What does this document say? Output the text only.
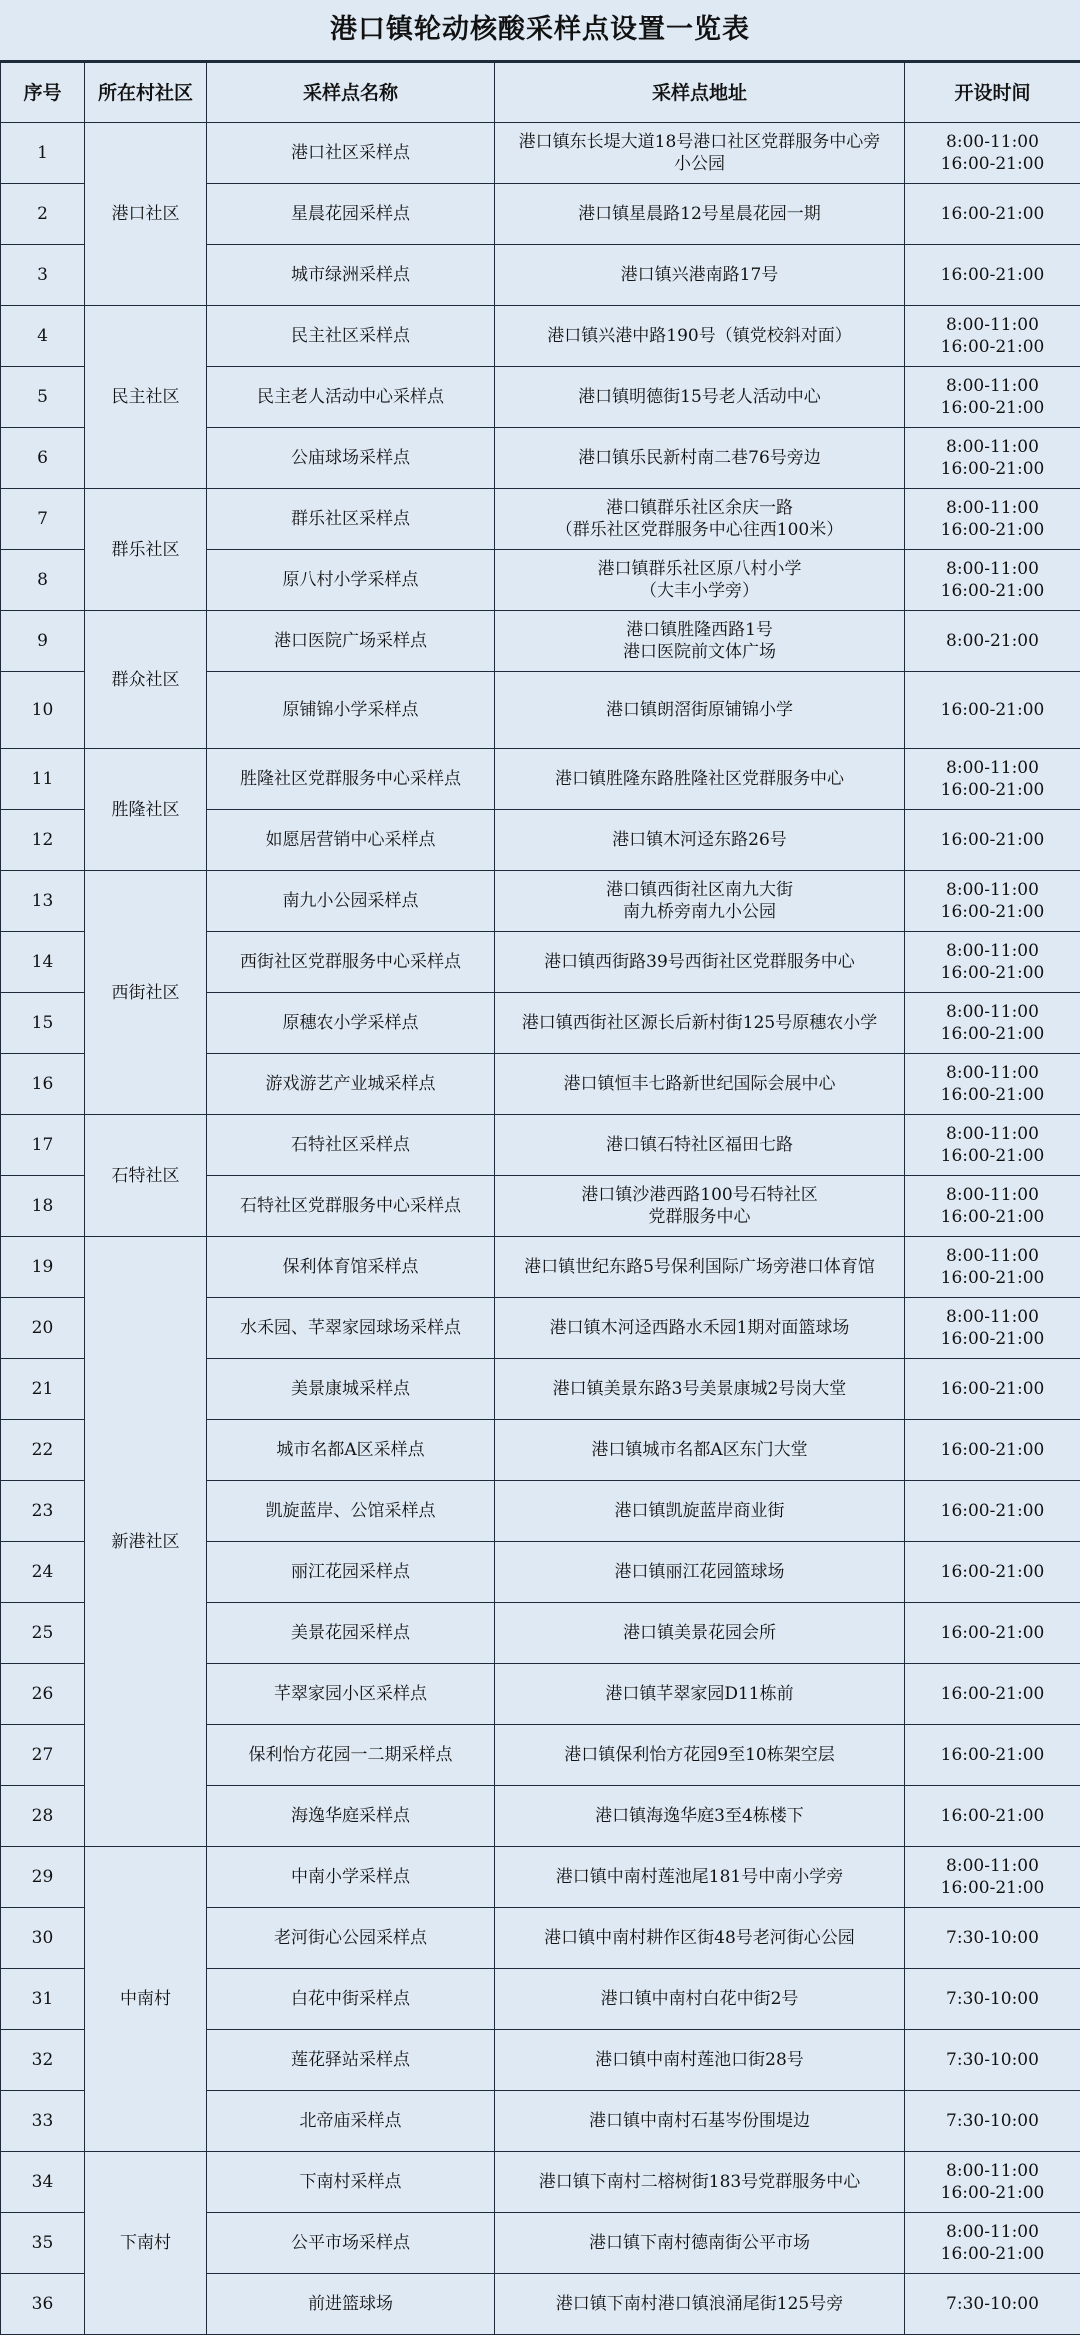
港口镇轮动核酸采样点设置一览表
序号	所在村社区	采样点名称	采样点地址	开设时间
1	港口社区	港口社区采样点	港口镇东长堤大道18号港口社区党群服务中心旁
小公园	8:00-11:00
16:00-21:00

2		星晨花园采样点	港口镇星晨路12号星晨花园一期	16:00-21:00

3		城市绿洲采样点	港口镇兴港南路17号	16:00-21:00

4	民主社区	民主社区采样点	港口镇兴港中路190号（镇党校斜对面）	8:00-11:00
16:00-21:00

5		民主老人活动中心采样点	港口镇明德街15号老人活动中心	8:00-11:00
16:00-21:00

6		公庙球场采样点	港口镇乐民新村南二巷76号旁边	8:00-11:00
16:00-21:00

7	群乐社区	群乐社区采样点	港口镇群乐社区余庆一路
（群乐社区党群服务中心往西100米）	8:00-11:00
16:00-21:00

8		原八村小学采样点	港口镇群乐社区原八村小学
（大丰小学旁）	8:00-11:00
16:00-21:00

9	群众社区	港口医院广场采样点	港口镇胜隆西路1号
港口医院前文体广场	8:00-21:00

10		原铺锦小学采样点	港口镇朗滘街原铺锦小学	16:00-21:00

11	胜隆社区	胜隆社区党群服务中心采样点	港口镇胜隆东路胜隆社区党群服务中心	8:00-11:00
16:00-21:00

12		如愿居营销中心采样点	港口镇木河迳东路26号	16:00-21:00

13	西街社区	南九小公园采样点	港口镇西街社区南九大街
南九桥旁南九小公园	8:00-11:00
16:00-21:00

14		西街社区党群服务中心采样点	港口镇西街路39号西街社区党群服务中心	8:00-11:00
16:00-21:00

15		原穗农小学采样点	港口镇西街社区源长后新村街125号原穗农小学	8:00-11:00
16:00-21:00

16		游戏游艺产业城采样点	港口镇恒丰七路新世纪国际会展中心	8:00-11:00
16:00-21:00

17	石特社区	石特社区采样点	港口镇石特社区福田七路	8:00-11:00
16:00-21:00

18		石特社区党群服务中心采样点	港口镇沙港西路100号石特社区
党群服务中心	8:00-11:00
16:00-21:00

19	新港社区	保利体育馆采样点	港口镇世纪东路5号保利国际广场旁港口体育馆	8:00-11:00
16:00-21:00

20		水禾园、芊翠家园球场采样点	港口镇木河迳西路水禾园1期对面篮球场	8:00-11:00
16:00-21:00

21		美景康城采样点	港口镇美景东路3号美景康城2号岗大堂	16:00-21:00

22		城市名都A区采样点	港口镇城市名都A区东门大堂	16:00-21:00

23		凯旋蓝岸、公馆采样点	港口镇凯旋蓝岸商业街	16:00-21:00

24		丽江花园采样点	港口镇丽江花园篮球场	16:00-21:00

25		美景花园采样点	港口镇美景花园会所	16:00-21:00

26		芊翠家园小区采样点	港口镇芊翠家园D11栋前	16:00-21:00

27		保利怡方花园一二期采样点	港口镇保利怡方花园9至10栋架空层	16:00-21:00

28		海逸华庭采样点	港口镇海逸华庭3至4栋楼下	16:00-21:00

29	中南村	中南小学采样点	港口镇中南村莲池尾181号中南小学旁	8:00-11:00
16:00-21:00

30		老河街心公园采样点	港口镇中南村耕作区街48号老河街心公园	7:30-10:00

31		白花中街采样点	港口镇中南村白花中街2号	7:30-10:00

32		莲花驿站采样点	港口镇中南村莲池口街28号	7:30-10:00

33		北帝庙采样点	港口镇中南村石基岑份围堤边	7:30-10:00

34	下南村	下南村采样点	港口镇下南村二榕树街183号党群服务中心	8:00-11:00
16:00-21:00

35		公平市场采样点	港口镇下南村德南街公平市场	8:00-11:00
16:00-21:00

36		前进篮球场	港口镇下南村港口镇浪涌尾街125号旁	7:30-10:00
